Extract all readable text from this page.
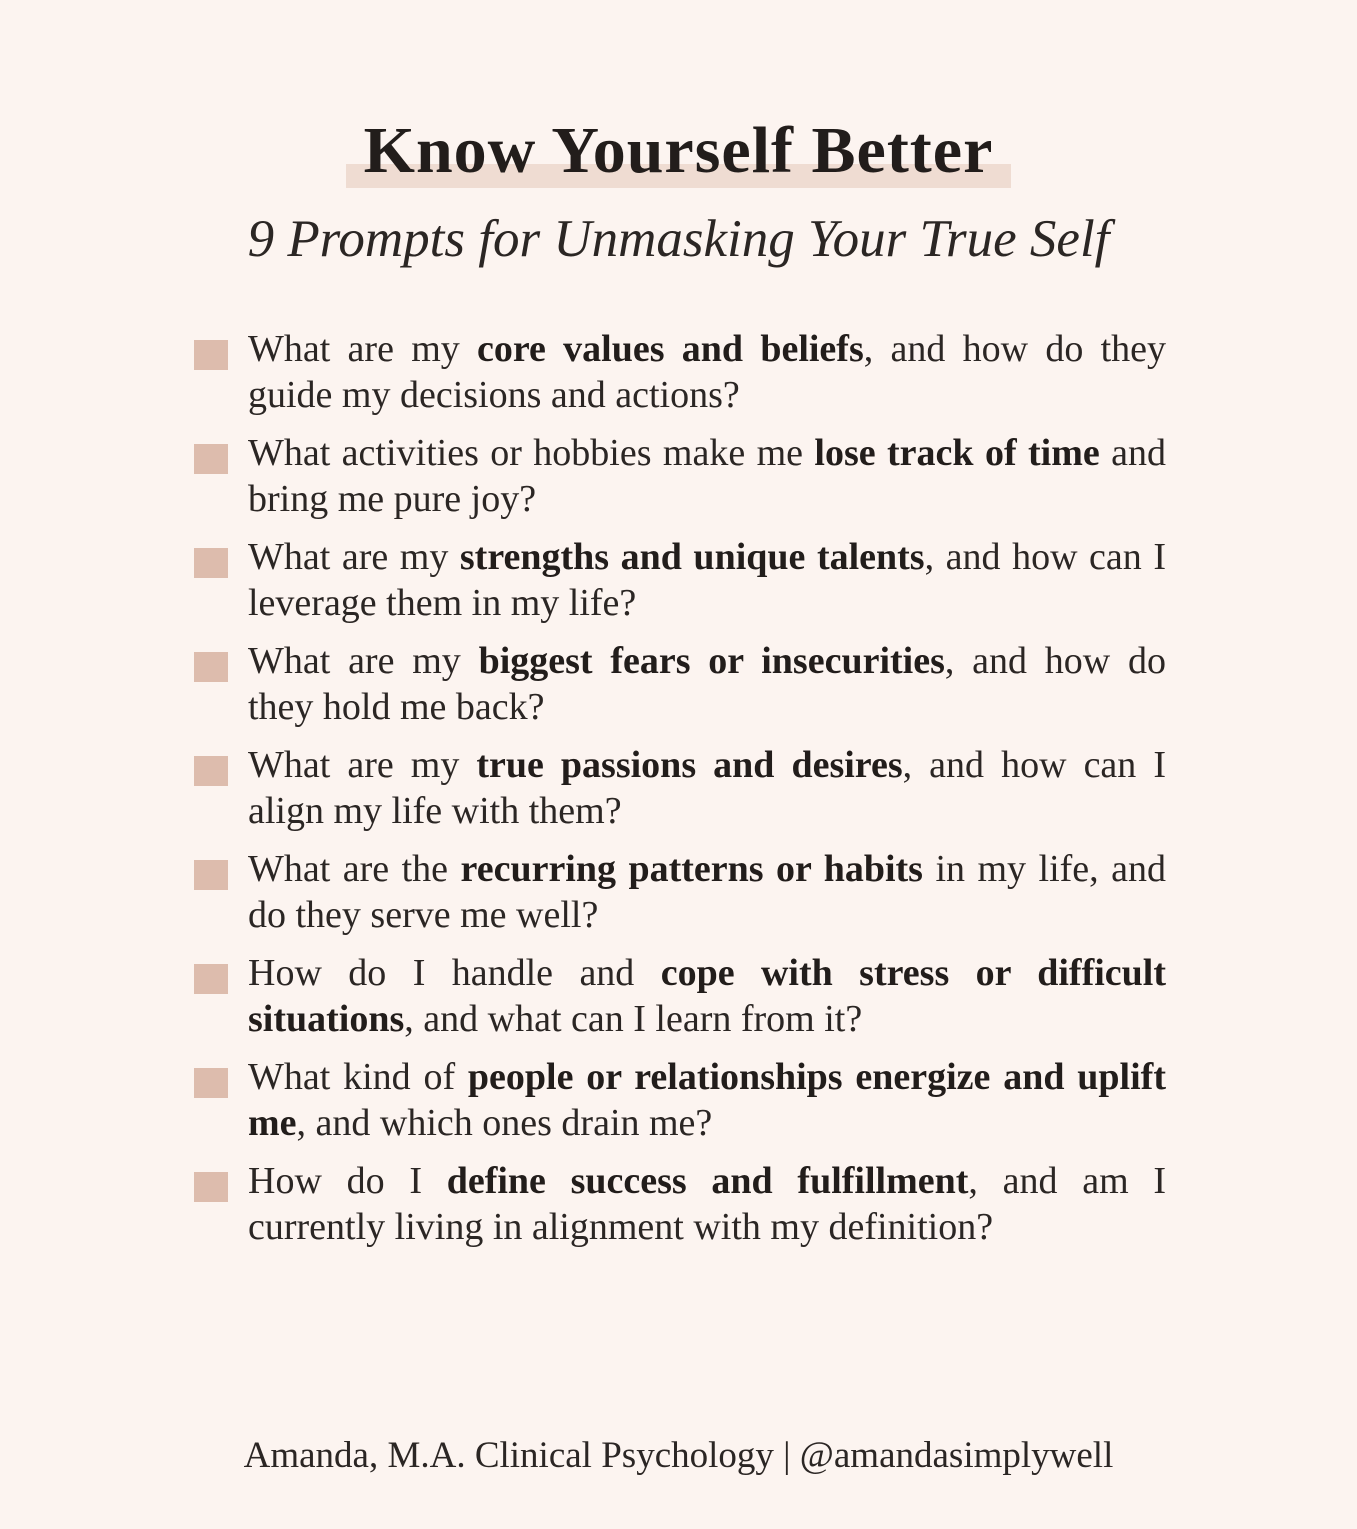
Know Yourself Better
9 Prompts for Unmasking Your True Self
What are my core values and beliefs, and how do they guide my decisions and actions?
What activities or hobbies make me lose track of time and bring me pure joy?
What are my strengths and unique talents, and how can I leverage them in my life?
What are my biggest fears or insecurities, and how do they hold me back?
What are my true passions and desires, and how can I align my life with them?
What are the recurring patterns or habits in my life, and do they serve me well?
How do I handle and cope with stress or difficult situations, and what can I learn from it?
What kind of people or relationships energize and uplift me, and which ones drain me?
How do I define success and fulfillment, and am I currently living in alignment with my definition?
Amanda, M.A. Clinical Psychology | @amandasimplywell
